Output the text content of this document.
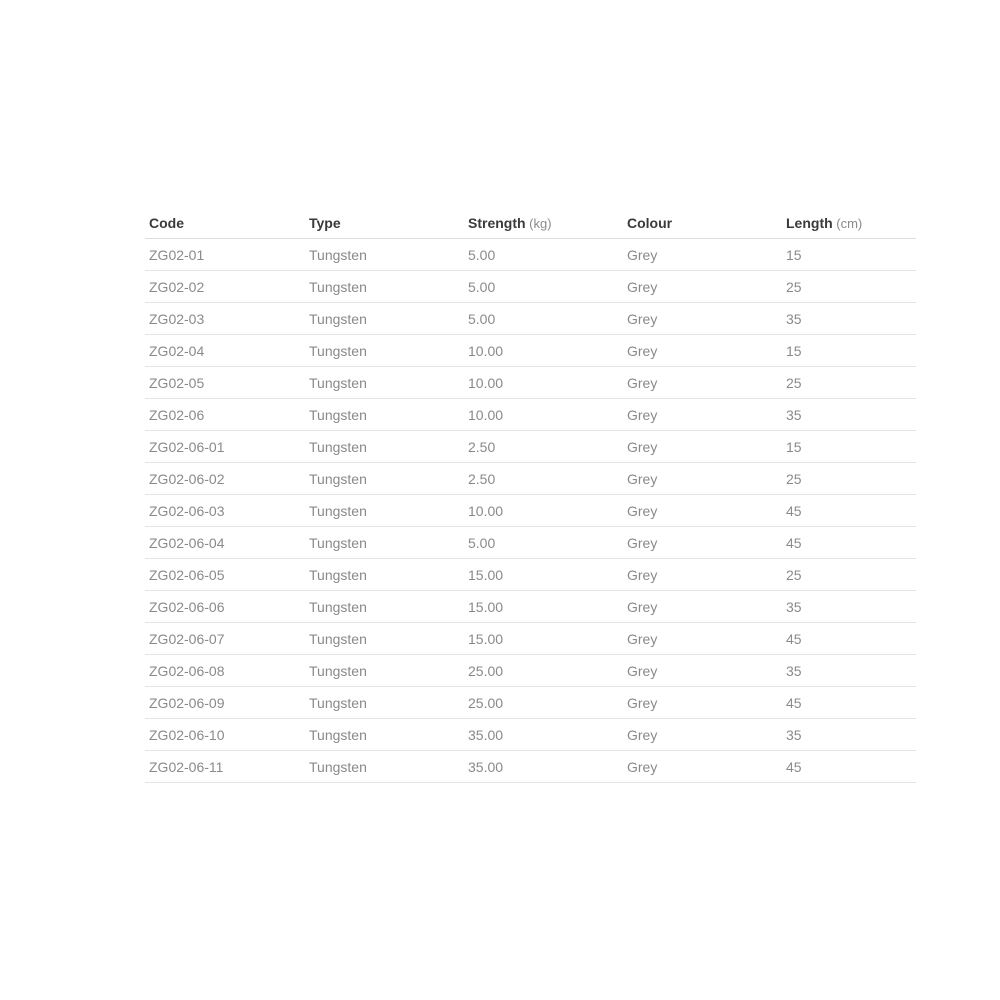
Code	Type	Strength (kg)	Colour	Length (cm)
ZG02-01	Tungsten	5.00	Grey	15
ZG02-02	Tungsten	5.00	Grey	25
ZG02-03	Tungsten	5.00	Grey	35
ZG02-04	Tungsten	10.00	Grey	15
ZG02-05	Tungsten	10.00	Grey	25
ZG02-06	Tungsten	10.00	Grey	35
ZG02-06-01	Tungsten	2.50	Grey	15
ZG02-06-02	Tungsten	2.50	Grey	25
ZG02-06-03	Tungsten	10.00	Grey	45
ZG02-06-04	Tungsten	5.00	Grey	45
ZG02-06-05	Tungsten	15.00	Grey	25
ZG02-06-06	Tungsten	15.00	Grey	35
ZG02-06-07	Tungsten	15.00	Grey	45
ZG02-06-08	Tungsten	25.00	Grey	35
ZG02-06-09	Tungsten	25.00	Grey	45
ZG02-06-10	Tungsten	35.00	Grey	35
ZG02-06-11	Tungsten	35.00	Grey	45
